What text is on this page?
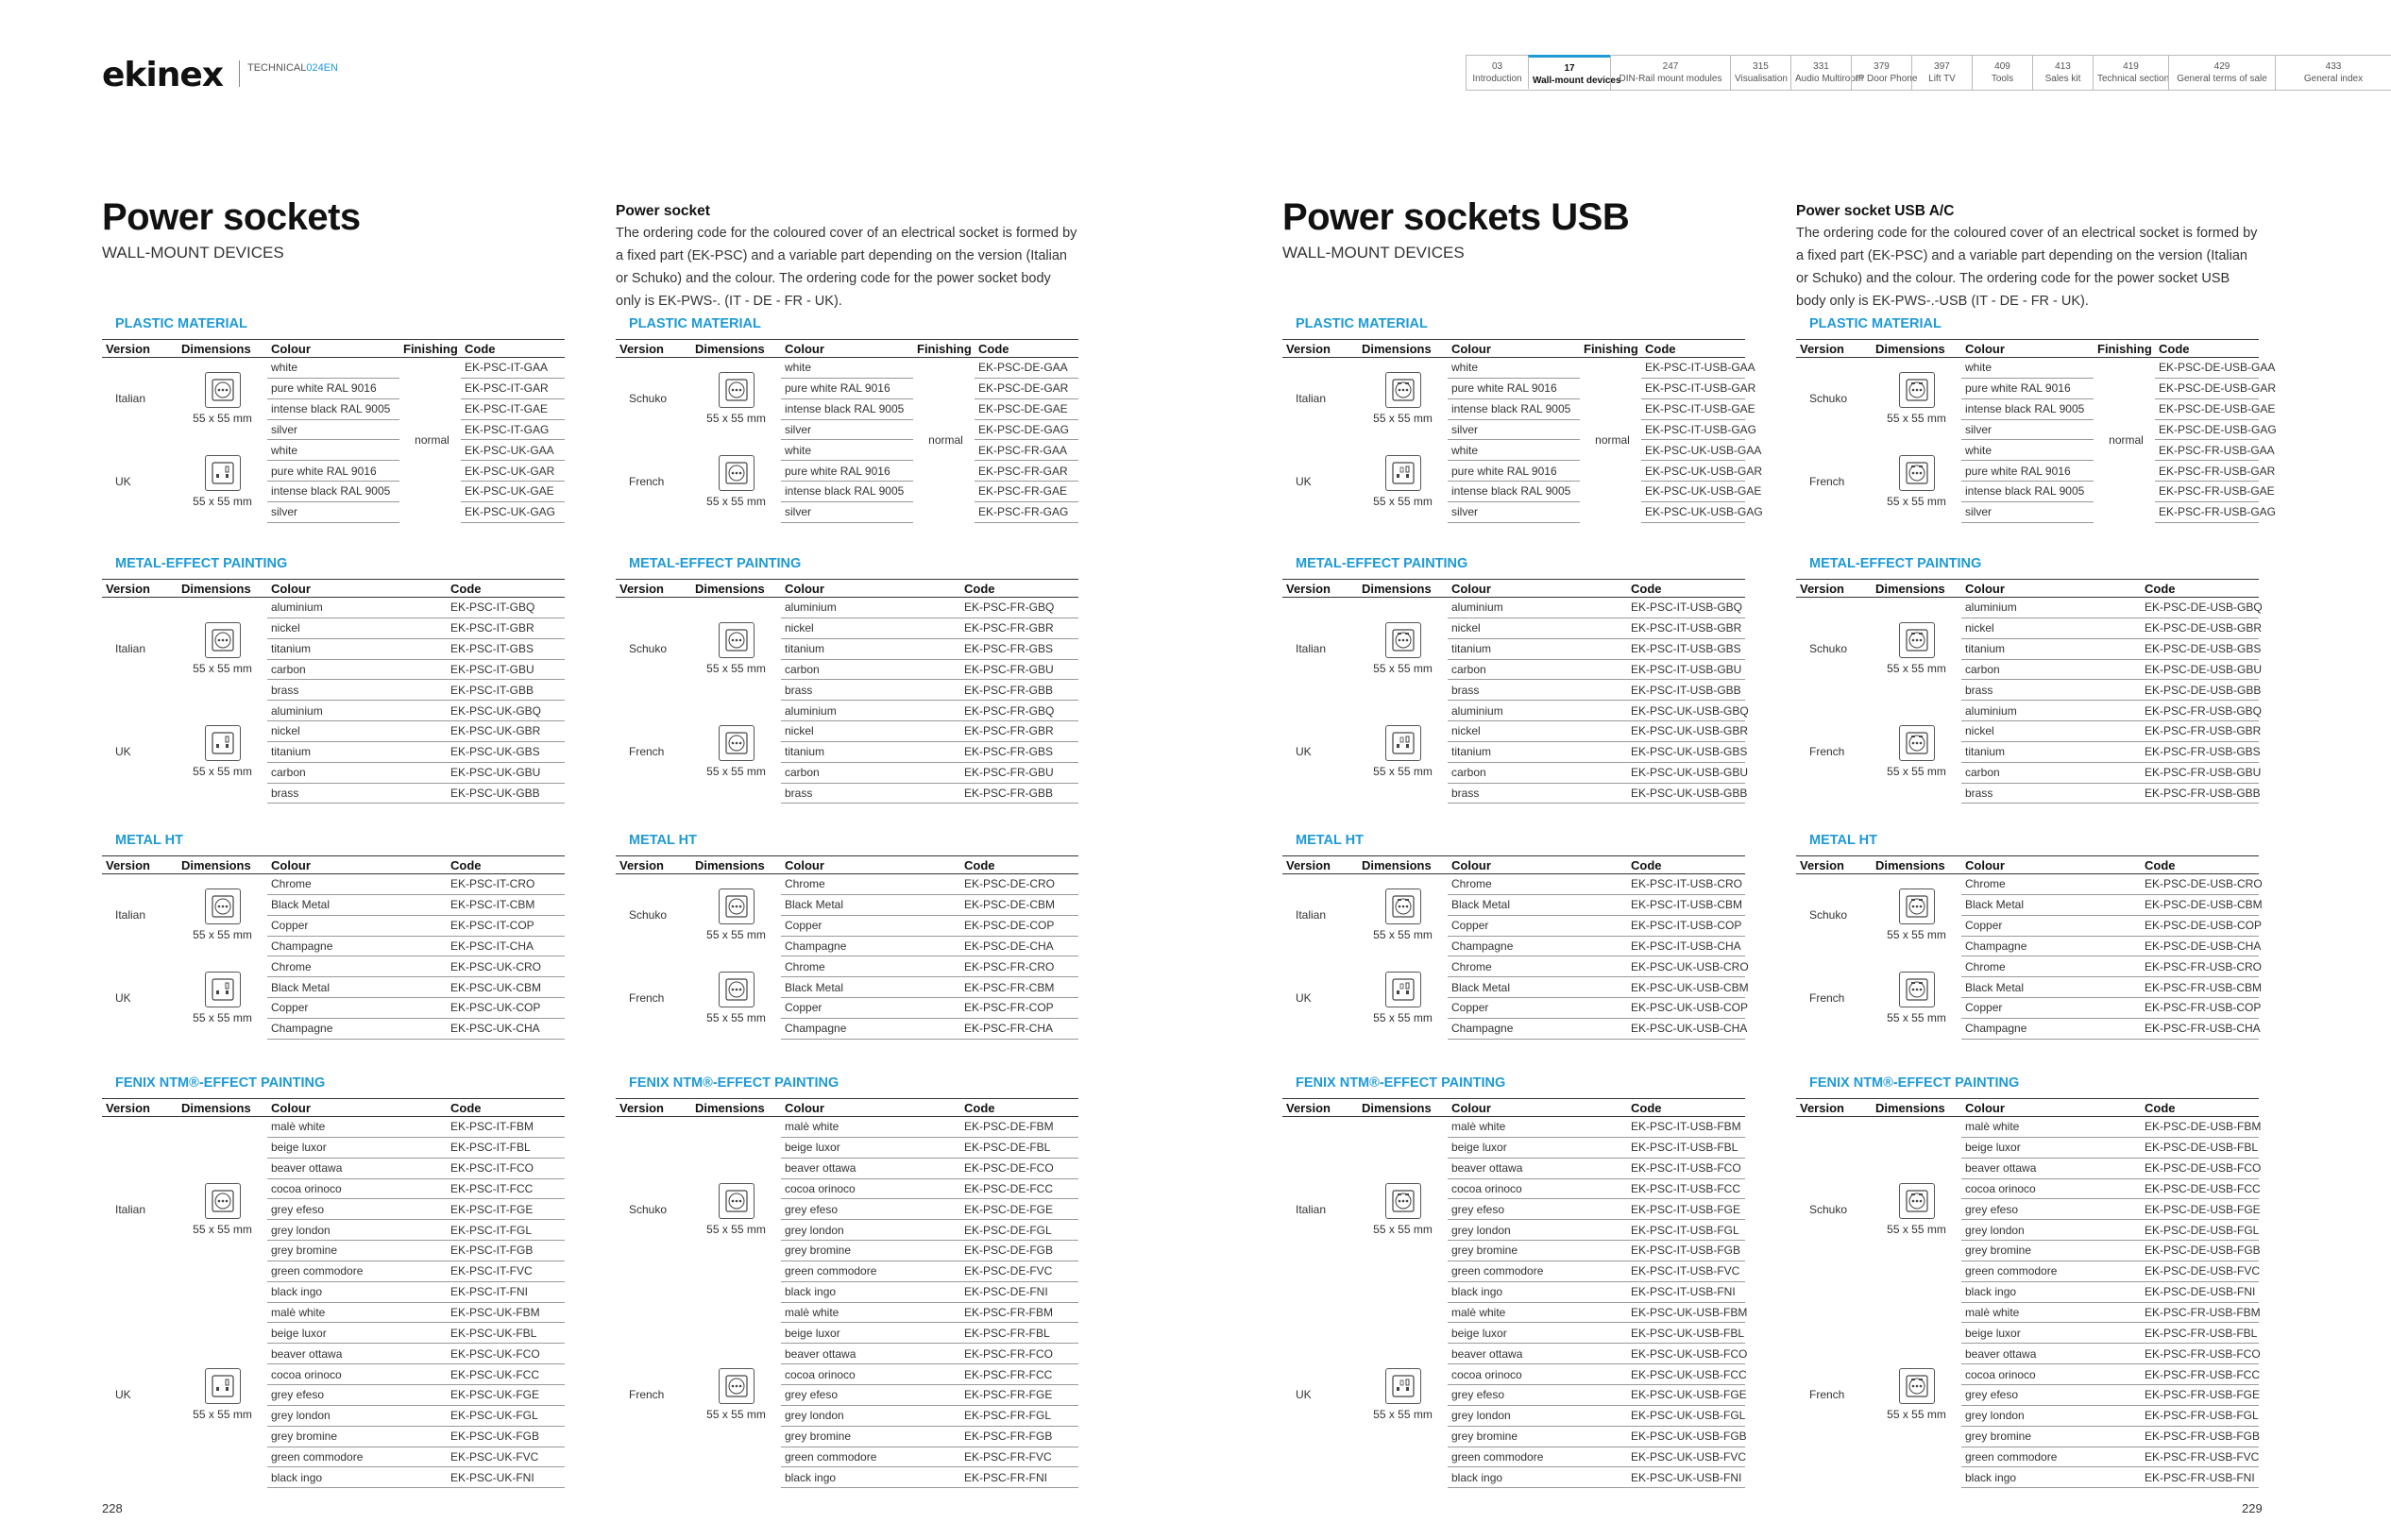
ekinex TECHNICAL024EN	03
Introduction
17
Wall-mount devices
247
DIN-Rail mount modules
315
Visualisation
331
Audio Multiroom
379
IP Door Phone
397
Lift TV
409
Tools
413
Sales kit
419
Technical section
429
General terms of sale
433
General index
Power sockets
WALL-MOUNT DEVICES
Power socket

The ordering code for the coloured cover of an electrical socket is formed by a fixed part (EK-PSC) and a variable part depending on the version (Italian or Schuko) and the colour. The ordering code for the power socket body only is EK-PWS-. (IT - DE - FR - UK).

Power sockets USB
WALL-MOUNT DEVICES
Power socket USB A/C

The ordering code for the coloured cover of an electrical socket is formed by a fixed part (EK-PSC) and a variable part depending on the version (Italian or Schuko) and the colour. The ordering code for the power socket USB body only is EK-PWS-.-USB (IT - DE - FR - UK).

228	229
PLASTIC MATERIAL
Version	Dimensions	Colour	Finishing	Code
Italian	55 x 55 mm	white	normal	EK-PSC-IT-GAA
		pure white RAL 9016		EK-PSC-IT-GAR
		intense black RAL 9005		EK-PSC-IT-GAE
		silver		EK-PSC-IT-GAG
UK	55 x 55 mm	white		EK-PSC-UK-GAA
		pure white RAL 9016		EK-PSC-UK-GAR
		intense black RAL 9005		EK-PSC-UK-GAE
		silver		EK-PSC-UK-GAG
METAL-EFFECT PAINTING
Version	Dimensions	Colour	Code
Italian	55 x 55 mm	aluminium	EK-PSC-IT-GBQ
		nickel	EK-PSC-IT-GBR
		titanium	EK-PSC-IT-GBS
		carbon	EK-PSC-IT-GBU
		brass	EK-PSC-IT-GBB
UK	55 x 55 mm	aluminium	EK-PSC-UK-GBQ
		nickel	EK-PSC-UK-GBR
		titanium	EK-PSC-UK-GBS
		carbon	EK-PSC-UK-GBU
		brass	EK-PSC-UK-GBB
METAL HT
Version	Dimensions	Colour	Code
Italian	55 x 55 mm	Chrome	EK-PSC-IT-CRO
		Black Metal	EK-PSC-IT-CBM
		Copper	EK-PSC-IT-COP
		Champagne	EK-PSC-IT-CHA
UK	55 x 55 mm	Chrome	EK-PSC-UK-CRO
		Black Metal	EK-PSC-UK-CBM
		Copper	EK-PSC-UK-COP
		Champagne	EK-PSC-UK-CHA
FENIX NTM®-EFFECT PAINTING
Version	Dimensions	Colour	Code
Italian	55 x 55 mm	malè white	EK-PSC-IT-FBM
		beige luxor	EK-PSC-IT-FBL
		beaver ottawa	EK-PSC-IT-FCO
		cocoa orinoco	EK-PSC-IT-FCC
		grey efeso	EK-PSC-IT-FGE
		grey london	EK-PSC-IT-FGL
		grey bromine	EK-PSC-IT-FGB
		green commodore	EK-PSC-IT-FVC
		black ingo	EK-PSC-IT-FNI
UK	55 x 55 mm	malè white	EK-PSC-UK-FBM
		beige luxor	EK-PSC-UK-FBL
		beaver ottawa	EK-PSC-UK-FCO
		cocoa orinoco	EK-PSC-UK-FCC
		grey efeso	EK-PSC-UK-FGE
		grey london	EK-PSC-UK-FGL
		grey bromine	EK-PSC-UK-FGB
		green commodore	EK-PSC-UK-FVC
		black ingo	EK-PSC-UK-FNI
PLASTIC MATERIAL
Version	Dimensions	Colour	Finishing	Code
Schuko	55 x 55 mm	white	normal	EK-PSC-DE-GAA
		pure white RAL 9016		EK-PSC-DE-GAR
		intense black RAL 9005		EK-PSC-DE-GAE
		silver		EK-PSC-DE-GAG
French	55 x 55 mm	white		EK-PSC-FR-GAA
		pure white RAL 9016		EK-PSC-FR-GAR
		intense black RAL 9005		EK-PSC-FR-GAE
		silver		EK-PSC-FR-GAG
METAL-EFFECT PAINTING
Version	Dimensions	Colour	Code
Schuko	55 x 55 mm	aluminium	EK-PSC-FR-GBQ
		nickel	EK-PSC-FR-GBR
		titanium	EK-PSC-FR-GBS
		carbon	EK-PSC-FR-GBU
		brass	EK-PSC-FR-GBB
French	55 x 55 mm	aluminium	EK-PSC-FR-GBQ
		nickel	EK-PSC-FR-GBR
		titanium	EK-PSC-FR-GBS
		carbon	EK-PSC-FR-GBU
		brass	EK-PSC-FR-GBB
METAL HT
Version	Dimensions	Colour	Code
Schuko	55 x 55 mm	Chrome	EK-PSC-DE-CRO
		Black Metal	EK-PSC-DE-CBM
		Copper	EK-PSC-DE-COP
		Champagne	EK-PSC-DE-CHA
French	55 x 55 mm	Chrome	EK-PSC-FR-CRO
		Black Metal	EK-PSC-FR-CBM
		Copper	EK-PSC-FR-COP
		Champagne	EK-PSC-FR-CHA
FENIX NTM®-EFFECT PAINTING
Version	Dimensions	Colour	Code
Schuko	55 x 55 mm	malè white	EK-PSC-DE-FBM
		beige luxor	EK-PSC-DE-FBL
		beaver ottawa	EK-PSC-DE-FCO
		cocoa orinoco	EK-PSC-DE-FCC
		grey efeso	EK-PSC-DE-FGE
		grey london	EK-PSC-DE-FGL
		grey bromine	EK-PSC-DE-FGB
		green commodore	EK-PSC-DE-FVC
		black ingo	EK-PSC-DE-FNI
French	55 x 55 mm	malè white	EK-PSC-FR-FBM
		beige luxor	EK-PSC-FR-FBL
		beaver ottawa	EK-PSC-FR-FCO
		cocoa orinoco	EK-PSC-FR-FCC
		grey efeso	EK-PSC-FR-FGE
		grey london	EK-PSC-FR-FGL
		grey bromine	EK-PSC-FR-FGB
		green commodore	EK-PSC-FR-FVC
		black ingo	EK-PSC-FR-FNI
PLASTIC MATERIAL
Version	Dimensions	Colour	Finishing	Code
Italian	55 x 55 mm	white	normal	EK-PSC-IT-USB-GAA
		pure white RAL 9016		EK-PSC-IT-USB-GAR
		intense black RAL 9005		EK-PSC-IT-USB-GAE
		silver		EK-PSC-IT-USB-GAG
UK	55 x 55 mm	white		EK-PSC-UK-USB-GAA
		pure white RAL 9016		EK-PSC-UK-USB-GAR
		intense black RAL 9005		EK-PSC-UK-USB-GAE
		silver		EK-PSC-UK-USB-GAG
METAL-EFFECT PAINTING
Version	Dimensions	Colour	Code
Italian	55 x 55 mm	aluminium	EK-PSC-IT-USB-GBQ
		nickel	EK-PSC-IT-USB-GBR
		titanium	EK-PSC-IT-USB-GBS
		carbon	EK-PSC-IT-USB-GBU
		brass	EK-PSC-IT-USB-GBB
UK	55 x 55 mm	aluminium	EK-PSC-UK-USB-GBQ
		nickel	EK-PSC-UK-USB-GBR
		titanium	EK-PSC-UK-USB-GBS
		carbon	EK-PSC-UK-USB-GBU
		brass	EK-PSC-UK-USB-GBB
METAL HT
Version	Dimensions	Colour	Code
Italian	55 x 55 mm	Chrome	EK-PSC-IT-USB-CRO
		Black Metal	EK-PSC-IT-USB-CBM
		Copper	EK-PSC-IT-USB-COP
		Champagne	EK-PSC-IT-USB-CHA
UK	55 x 55 mm	Chrome	EK-PSC-UK-USB-CRO
		Black Metal	EK-PSC-UK-USB-CBM
		Copper	EK-PSC-UK-USB-COP
		Champagne	EK-PSC-UK-USB-CHA
FENIX NTM®-EFFECT PAINTING
Version	Dimensions	Colour	Code
Italian	55 x 55 mm	malè white	EK-PSC-IT-USB-FBM
		beige luxor	EK-PSC-IT-USB-FBL
		beaver ottawa	EK-PSC-IT-USB-FCO
		cocoa orinoco	EK-PSC-IT-USB-FCC
		grey efeso	EK-PSC-IT-USB-FGE
		grey london	EK-PSC-IT-USB-FGL
		grey bromine	EK-PSC-IT-USB-FGB
		green commodore	EK-PSC-IT-USB-FVC
		black ingo	EK-PSC-IT-USB-FNI
UK	55 x 55 mm	malè white	EK-PSC-UK-USB-FBM
		beige luxor	EK-PSC-UK-USB-FBL
		beaver ottawa	EK-PSC-UK-USB-FCO
		cocoa orinoco	EK-PSC-UK-USB-FCC
		grey efeso	EK-PSC-UK-USB-FGE
		grey london	EK-PSC-UK-USB-FGL
		grey bromine	EK-PSC-UK-USB-FGB
		green commodore	EK-PSC-UK-USB-FVC
		black ingo	EK-PSC-UK-USB-FNI
PLASTIC MATERIAL
Version	Dimensions	Colour	Finishing	Code
Schuko	55 x 55 mm	white	normal	EK-PSC-DE-USB-GAA
		pure white RAL 9016		EK-PSC-DE-USB-GAR
		intense black RAL 9005		EK-PSC-DE-USB-GAE
		silver		EK-PSC-DE-USB-GAG
French	55 x 55 mm	white		EK-PSC-FR-USB-GAA
		pure white RAL 9016		EK-PSC-FR-USB-GAR
		intense black RAL 9005		EK-PSC-FR-USB-GAE
		silver		EK-PSC-FR-USB-GAG
METAL-EFFECT PAINTING
Version	Dimensions	Colour	Code
Schuko	55 x 55 mm	aluminium	EK-PSC-DE-USB-GBQ
		nickel	EK-PSC-DE-USB-GBR
		titanium	EK-PSC-DE-USB-GBS
		carbon	EK-PSC-DE-USB-GBU
		brass	EK-PSC-DE-USB-GBB
French	55 x 55 mm	aluminium	EK-PSC-FR-USB-GBQ
		nickel	EK-PSC-FR-USB-GBR
		titanium	EK-PSC-FR-USB-GBS
		carbon	EK-PSC-FR-USB-GBU
		brass	EK-PSC-FR-USB-GBB
METAL HT
Version	Dimensions	Colour	Code
Schuko	55 x 55 mm	Chrome	EK-PSC-DE-USB-CRO
		Black Metal	EK-PSC-DE-USB-CBM
		Copper	EK-PSC-DE-USB-COP
		Champagne	EK-PSC-DE-USB-CHA
French	55 x 55 mm	Chrome	EK-PSC-FR-USB-CRO
		Black Metal	EK-PSC-FR-USB-CBM
		Copper	EK-PSC-FR-USB-COP
		Champagne	EK-PSC-FR-USB-CHA
FENIX NTM®-EFFECT PAINTING
Version	Dimensions	Colour	Code
Schuko	55 x 55 mm	malè white	EK-PSC-DE-USB-FBM
		beige luxor	EK-PSC-DE-USB-FBL
		beaver ottawa	EK-PSC-DE-USB-FCO
		cocoa orinoco	EK-PSC-DE-USB-FCC
		grey efeso	EK-PSC-DE-USB-FGE
		grey london	EK-PSC-DE-USB-FGL
		grey bromine	EK-PSC-DE-USB-FGB
		green commodore	EK-PSC-DE-USB-FVC
		black ingo	EK-PSC-DE-USB-FNI
French	55 x 55 mm	malè white	EK-PSC-FR-USB-FBM
		beige luxor	EK-PSC-FR-USB-FBL
		beaver ottawa	EK-PSC-FR-USB-FCO
		cocoa orinoco	EK-PSC-FR-USB-FCC
		grey efeso	EK-PSC-FR-USB-FGE
		grey london	EK-PSC-FR-USB-FGL
		grey bromine	EK-PSC-FR-USB-FGB
		green commodore	EK-PSC-FR-USB-FVC
		black ingo	EK-PSC-FR-USB-FNI
